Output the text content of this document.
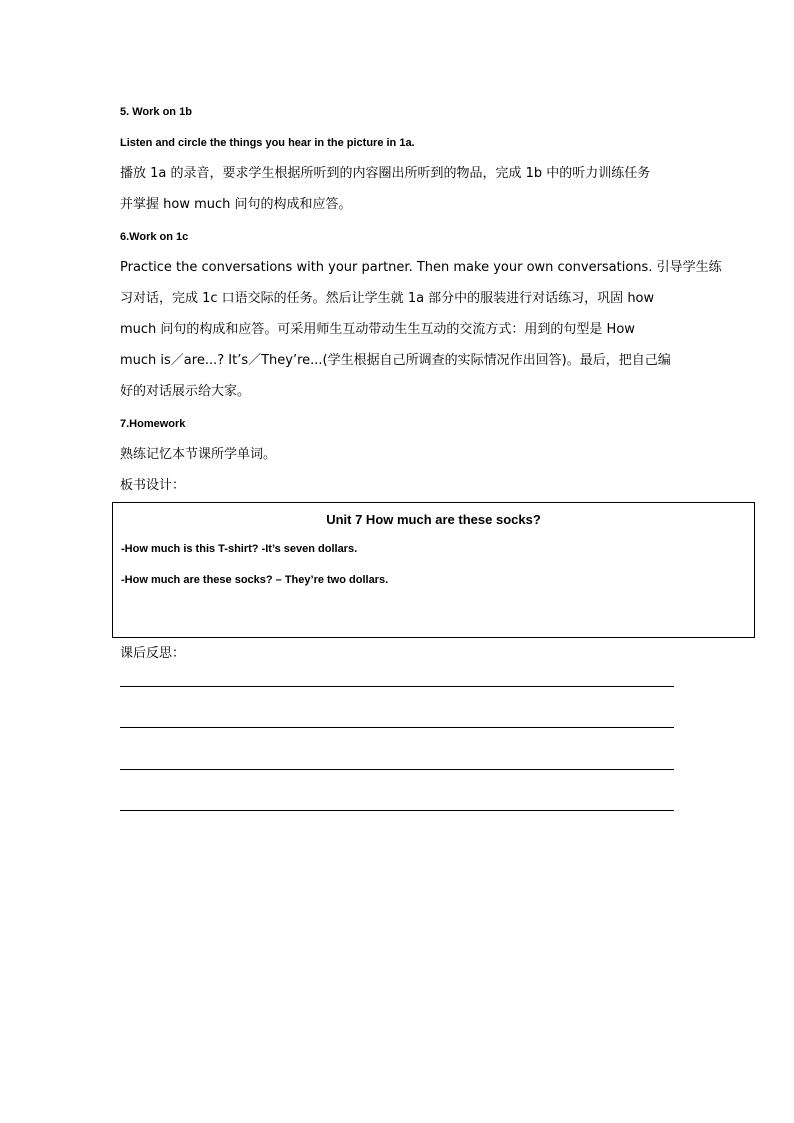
5. Work on 1b
Listen and circle the things you hear in the picture in 1a.
播放 1a 的录音，要求学生根据所听到的内容圈出所听到的物品，完成 1b 中的听力训练任务
并掌握 how much 问句的构成和应答。
6.Work on 1c
Practice the conversations with your partner. Then make your own conversations. 引导学生练
习对话，完成 1c 口语交际的任务。然后让学生就 1a 部分中的服装进行对话练习，巩固 how
much 问句的构成和应答。可采用师生互动带动生生互动的交流方式：用到的句型是 How
much is／are...? It’s／They’re...(学生根据自己所调查的实际情况作出回答)。最后，把自己编
好的对话展示给大家。
7.Homework
熟练记忆本节课所学单词。
板书设计：
Unit 7 How much are these socks?
-How much is this T-shirt? -It’s seven dollars.
-How much are these socks? – They’re two dollars.
课后反思：
